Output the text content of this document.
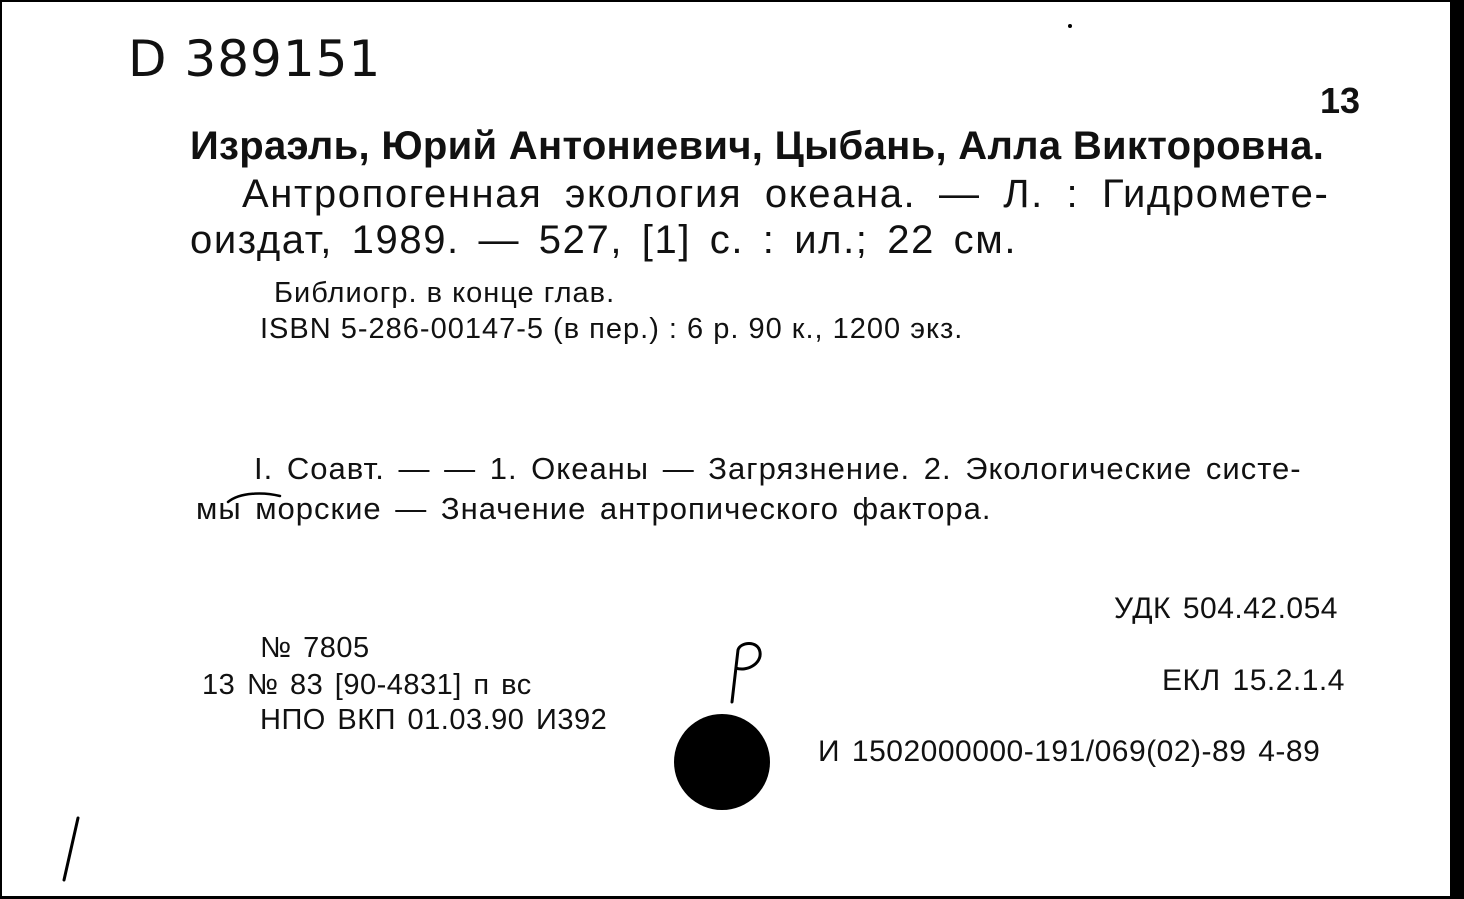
D 389151
13
Израэль, Юрий Антониевич, Цыбань, Алла Викторовна.
Антропогенная экология океана. — Л. : Гидромете-
оиздат, 1989. — 527, [1] с. : ил.; 22 см.
Библиогр. в конце глав.
ISBN 5-286-00147-5 (в пер.) : 6 р. 90 к., 1200 экз.
I. Соавт. — — 1. Океаны — Загрязнение. 2. Экологические систе-
мы морские — Значение антропического фактора.
УДК 504.42.054
ЕКЛ 15.2.1.4
И 1502000000-191/069(02)-89 4-89
№ 7805
13 № 83 [90-4831] п вс
НПО ВКП 01.03.90 И392
